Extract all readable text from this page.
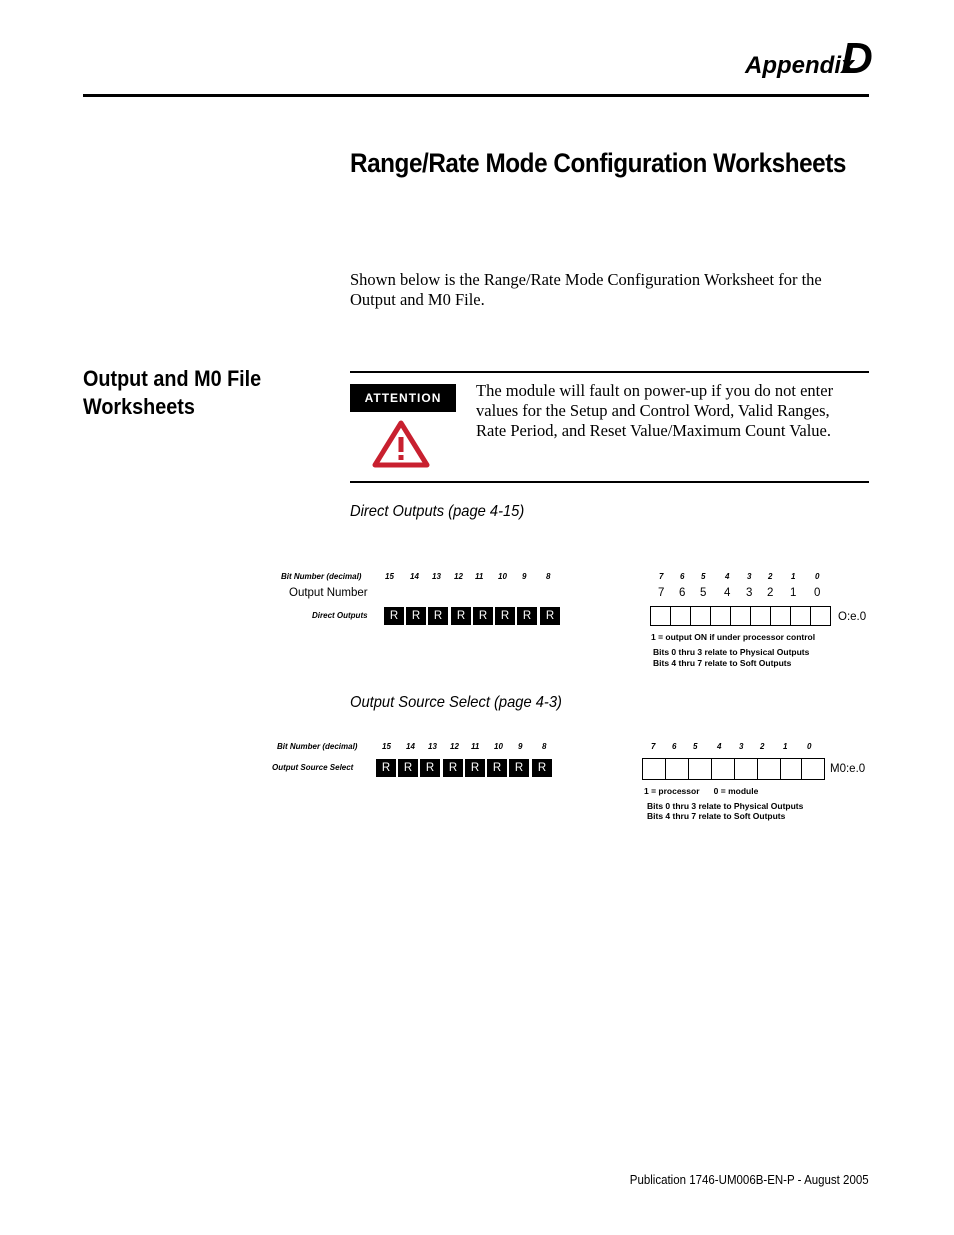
Appendix
D
Range/Rate Mode Configuration Worksheets
Shown below is the Range/Rate Mode Configuration Worksheet for the Output and M0 File.
Output and M0 File Worksheets	ATTENTION	The module will fault on power-up if you do not enter values for the Setup and Control Word, Valid Ranges, Rate Period, and Reset Value/Maximum Count Value.
Direct Outputs (page 4-15)
Bit Number (decimal)	15 14 13 12 11 10 9 8
Output Number
Direct Outputs	R	R	R	R	R	R	R	R
7 6 5 4 3 2 1 0
7 6 5 4 3 2 1 0
O:e.0
1 = output ON if under processor control
Bits 0 thru 3 relate to Physical Outputs
Bits 4 thru 7 relate to Soft Outputs
Output Source Select (page 4-3)
Bit Number (decimal)	15 14 13 12 11 10 9 8
Output Source Select	R	R	R	R	R	R	R	R
7 6 5 4 3 2 1 0
M0:e.0
1 = processor      0 = module
Bits 0 thru 3 relate to Physical Outputs
Bits 4 thru 7 relate to Soft Outputs
Publication 1746-UM006B-EN-P - August 2005
